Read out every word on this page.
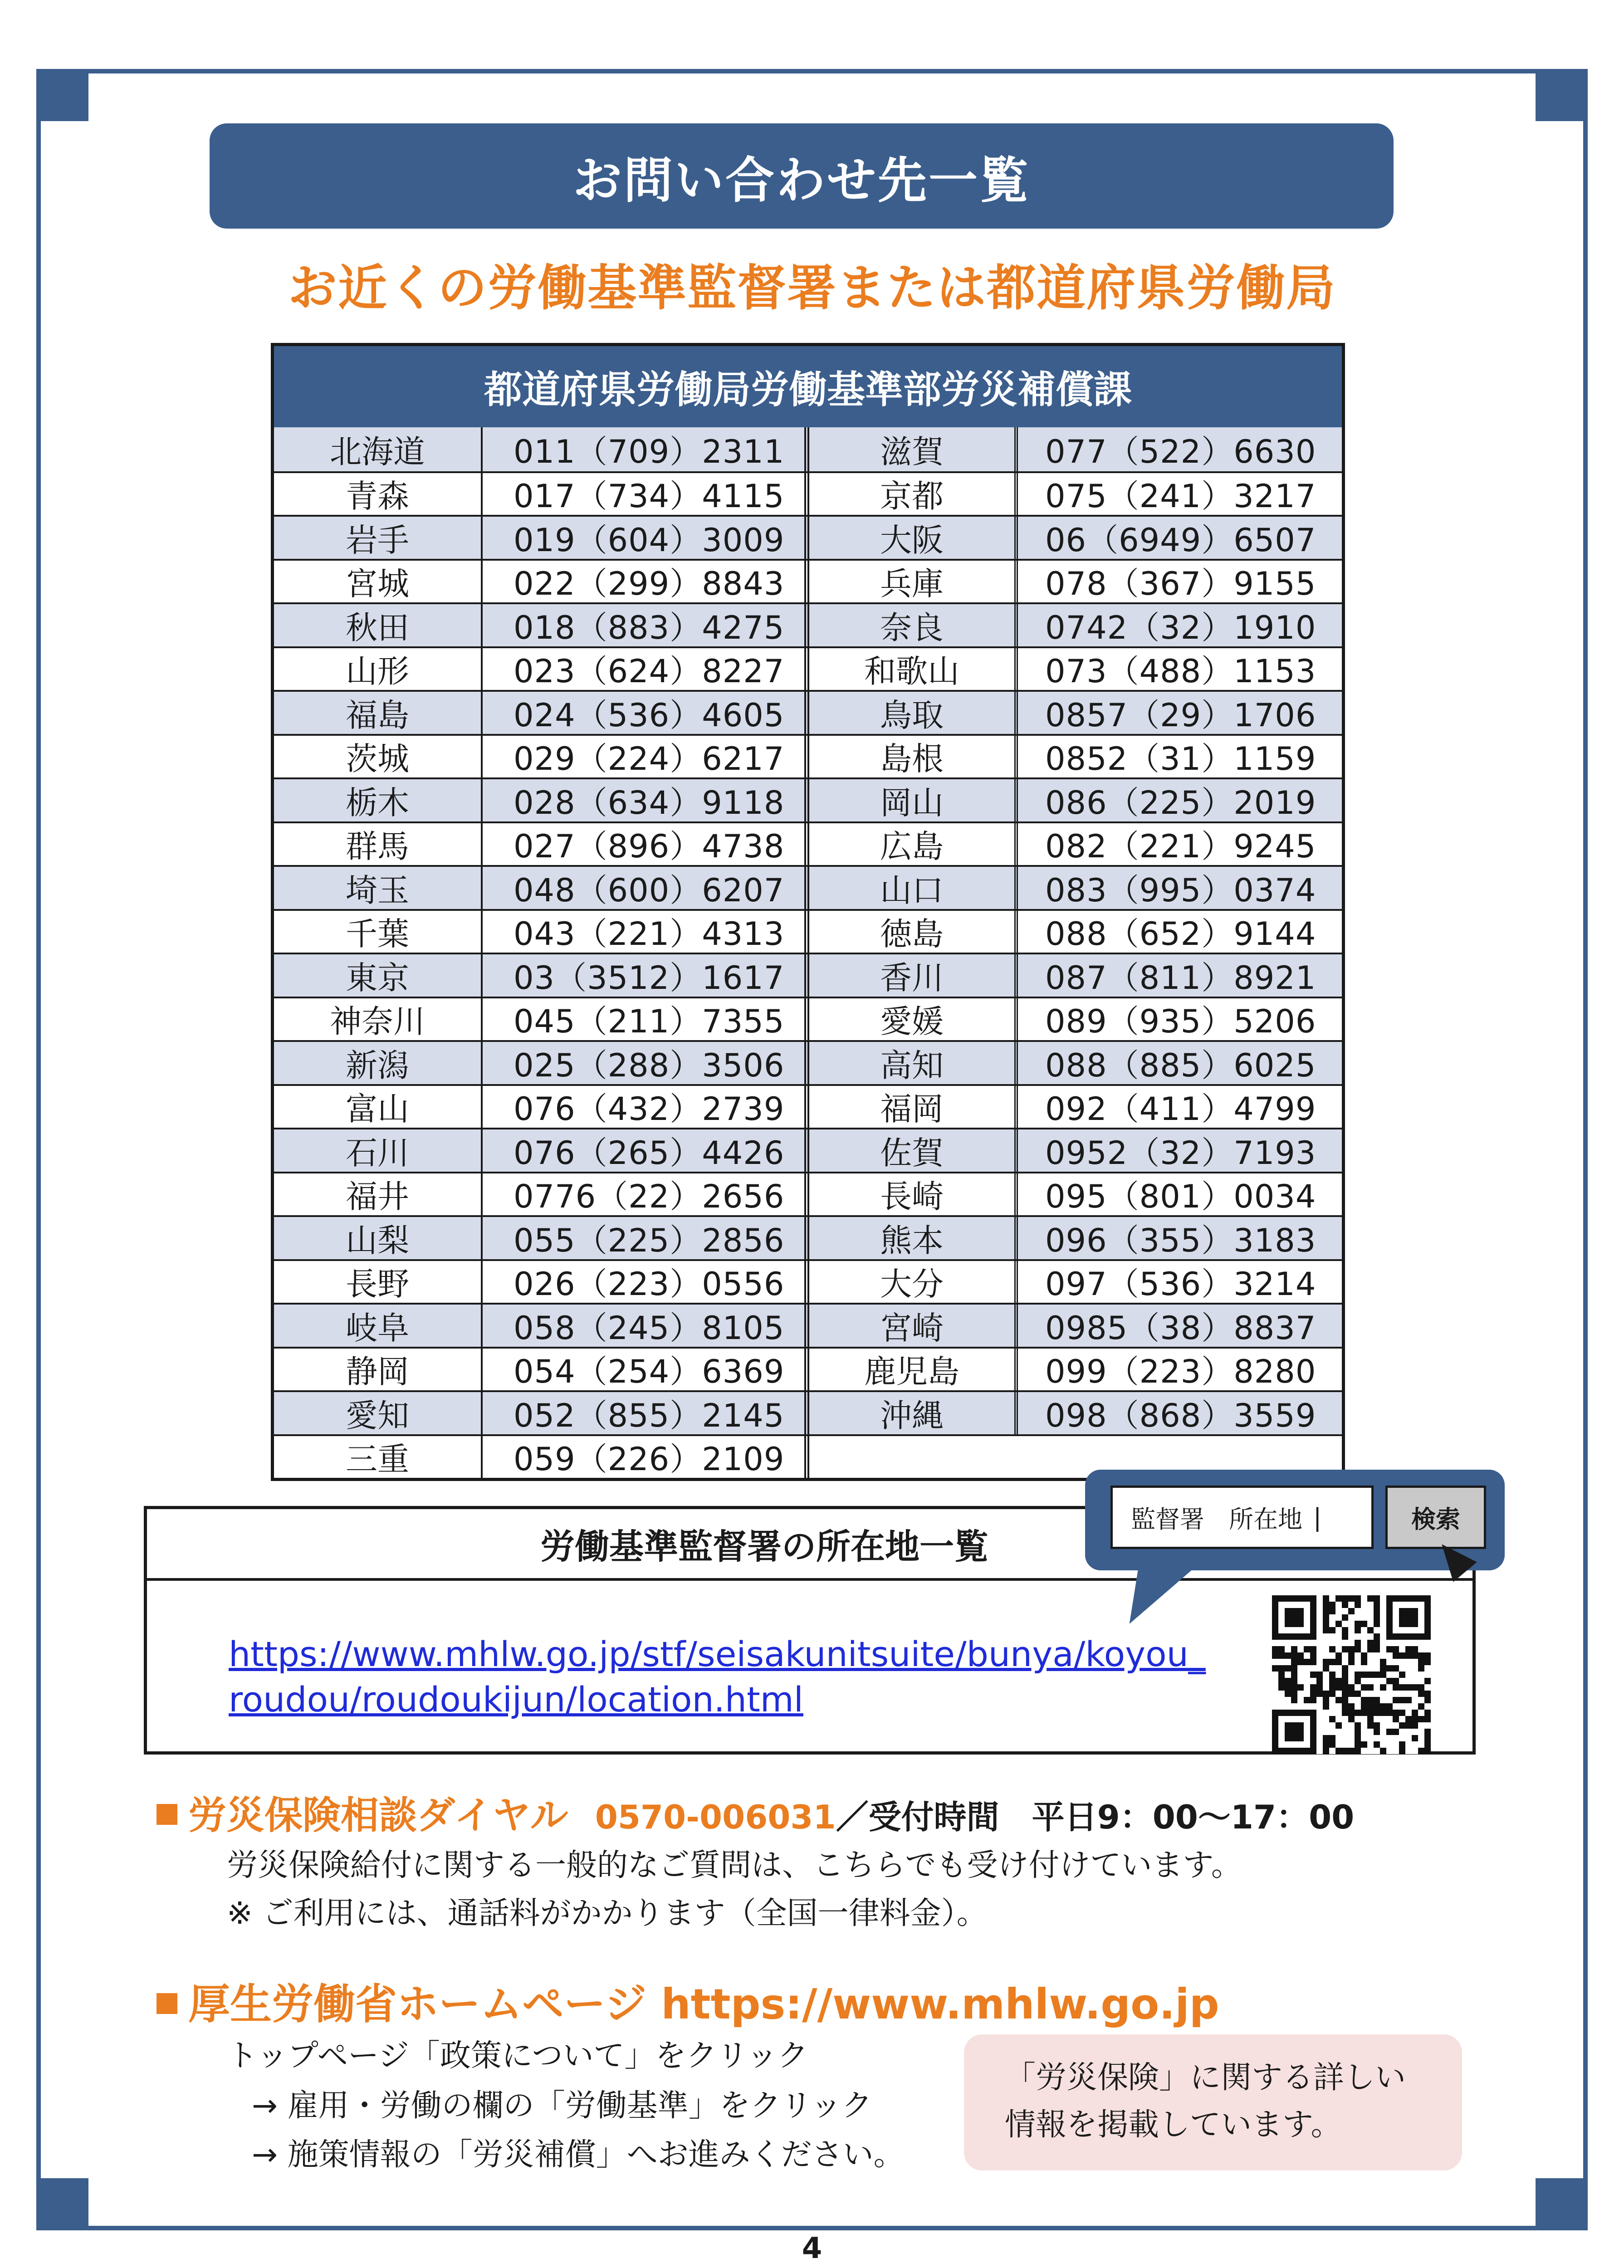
お問い合わせ先一覧
お近くの労働基準監督署または都道府県労働局
都道府県労働局労働基準部労災補償課
北海道	011（709）2311	滋賀	077（522）6630
青森	017（734）4115	京都	075（241）3217
岩手	019（604）3009	大阪	06（6949）6507
宮城	022（299）8843	兵庫	078（367）9155
秋田	018（883）4275	奈良	0742（32）1910
山形	023（624）8227	和歌山	073（488）1153
福島	024（536）4605	鳥取	0857（29）1706
茨城	029（224）6217	島根	0852（31）1159
栃木	028（634）9118	岡山	086（225）2019
群馬	027（896）4738	広島	082（221）9245
埼玉	048（600）6207	山口	083（995）0374
千葉	043（221）4313	徳島	088（652）9144
東京	03（3512）1617	香川	087（811）8921
神奈川	045（211）7355	愛媛	089（935）5206
新潟	025（288）3506	高知	088（885）6025
富山	076（432）2739	福岡	092（411）4799
石川	076（265）4426	佐賀	0952（32）7193
福井	0776（22）2656	長崎	095（801）0034
山梨	055（225）2856	熊本	096（355）3183
長野	026（223）0556	大分	097（536）3214
岐阜	058（245）8105	宮崎	0985（38）8837
静岡	054（254）6369	鹿児島	099（223）8280
愛知	052（855）2145	沖縄	098（868）3559
三重	059（226）2109
労働基準監督署の所在地一覧
https://www.mhlw.go.jp/stf/seisakunitsuite/bunya/koyou_
roudou/roudoukijun/location.html
監督署　所在地 |	検索
労災保険相談ダイヤル 0570-006031／受付時間　平日9：00～17：00
労災保険給付に関する一般的なご質問は、こちらでも受け付けています。
※ ご利用には、通話料がかかります（全国一律料金）。
厚生労働省ホームページ https://www.mhlw.go.jp
トップページ「政策について」をクリック
→ 雇用・労働の欄の「労働基準」をクリック
→ 施策情報の「労災補償」へお進みください。
「労災保険」に関する詳しい
情報を掲載しています。
4
